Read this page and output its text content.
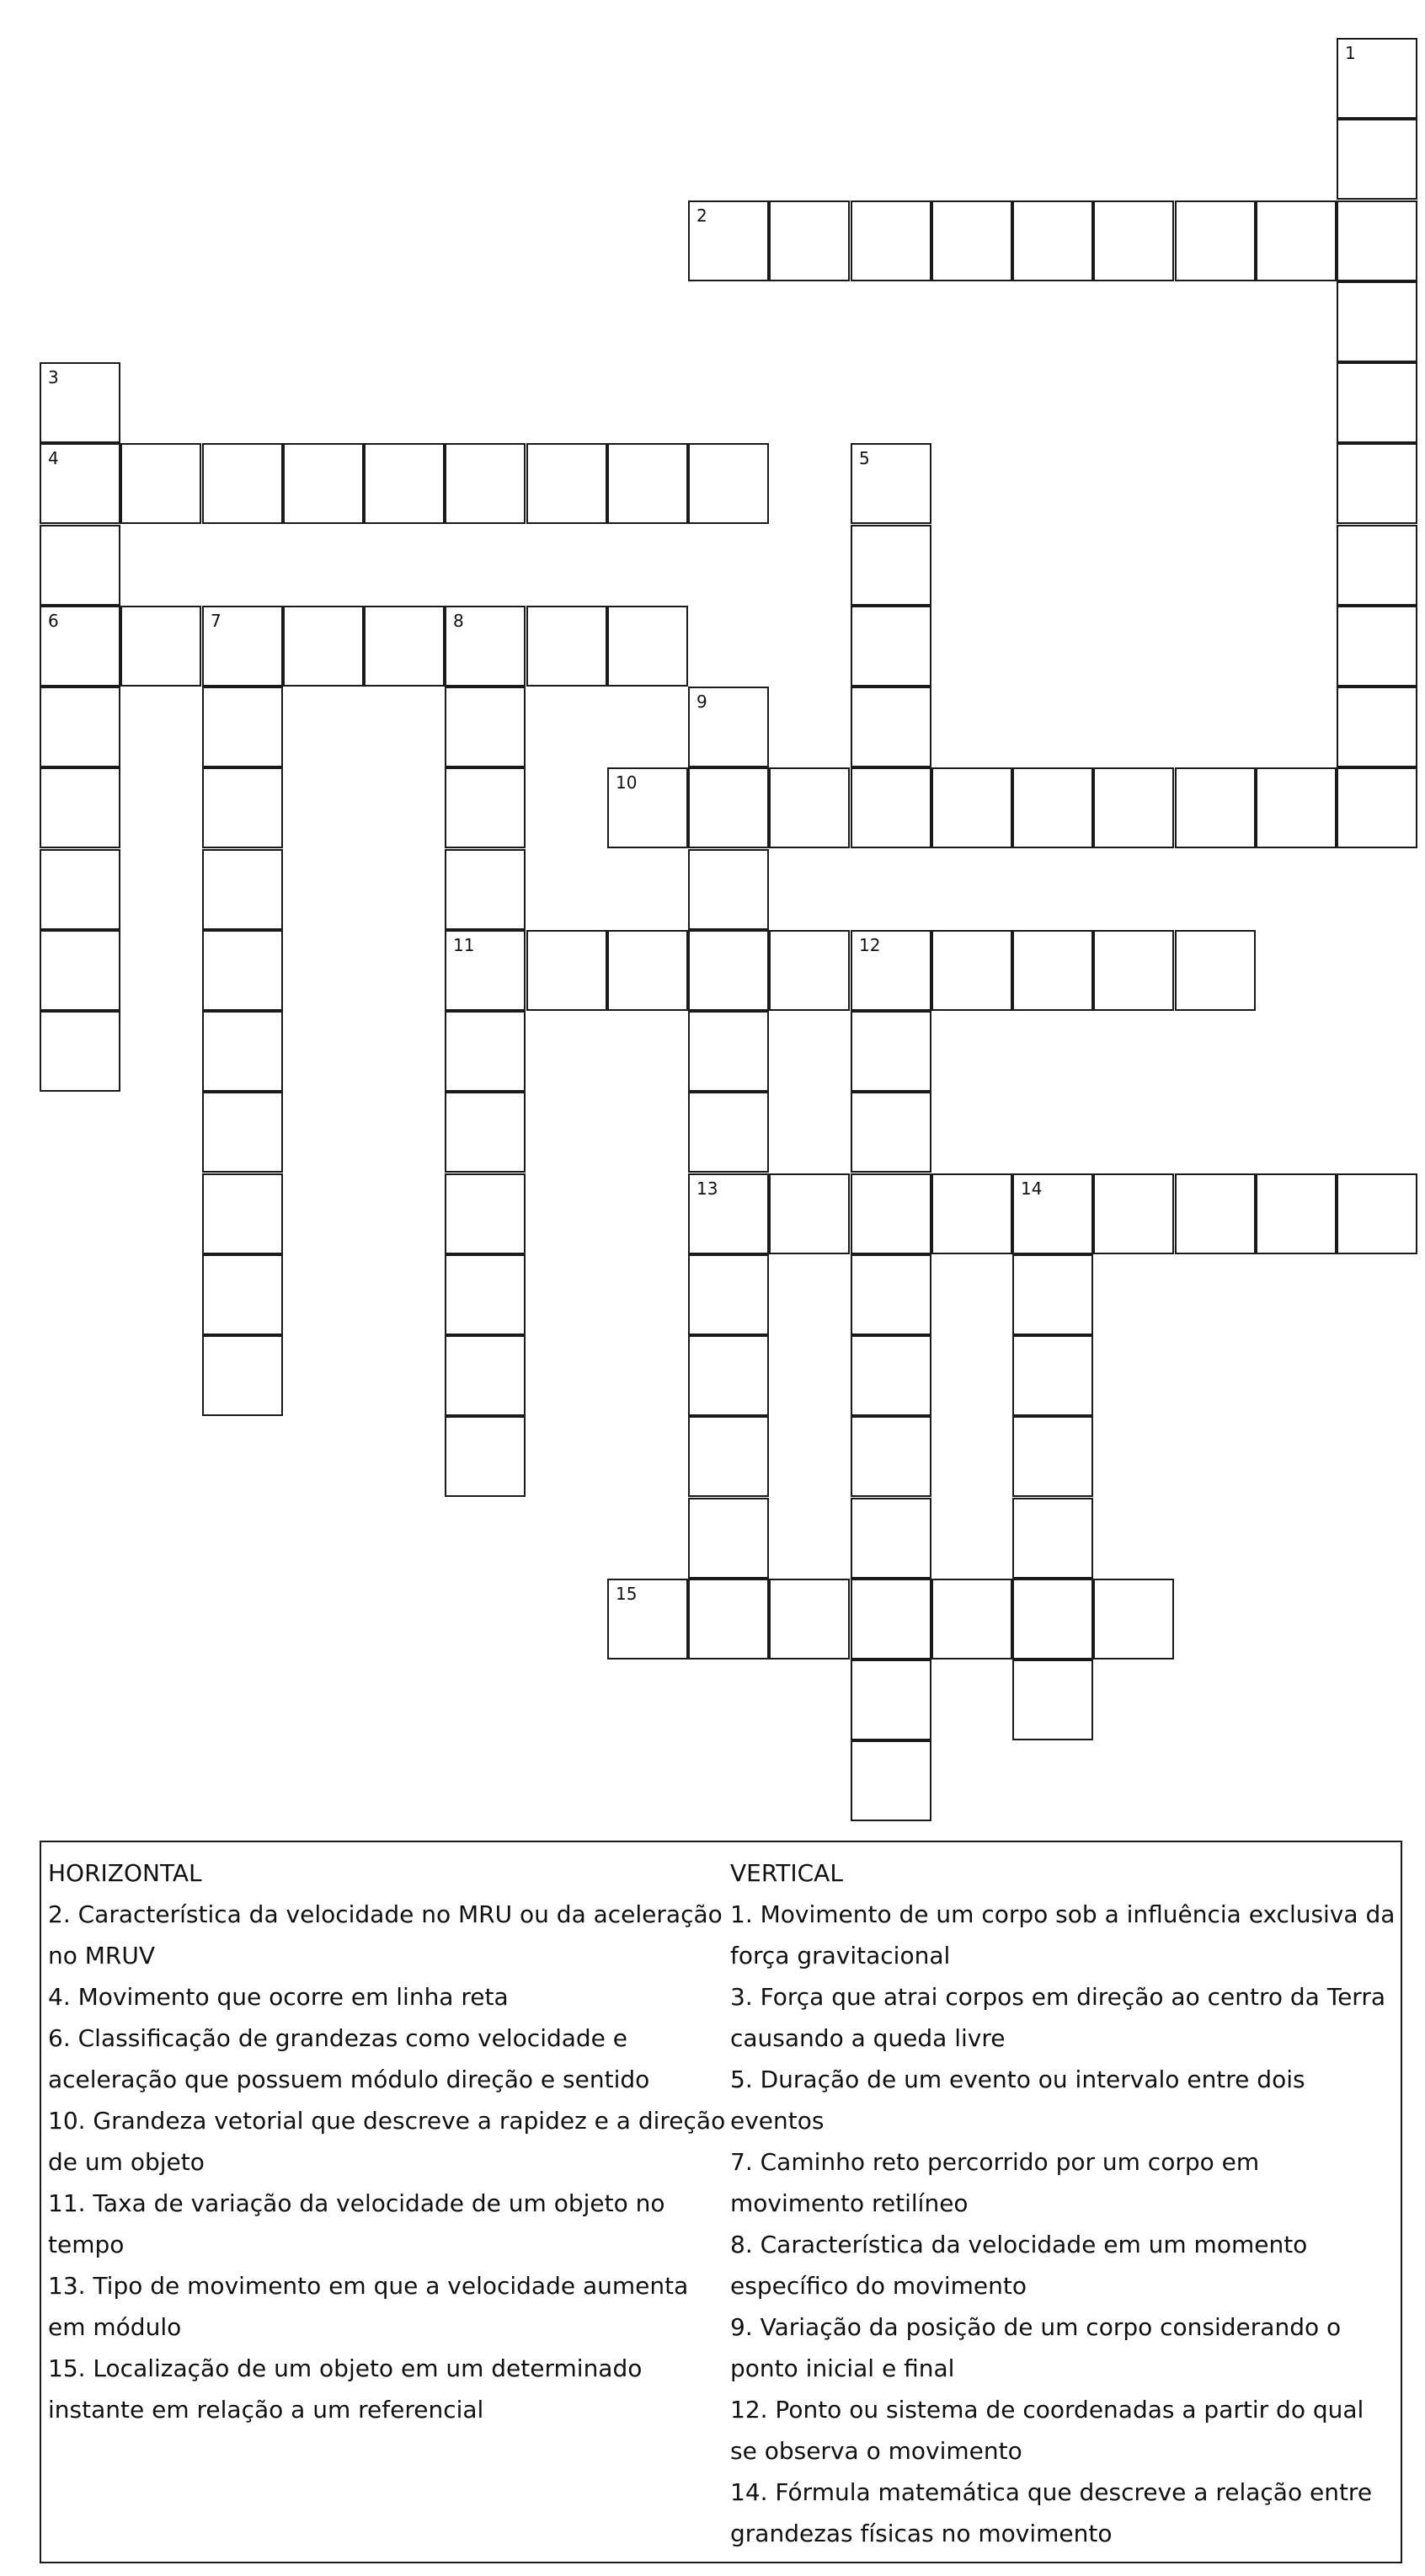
1
2
3
4
6
5
7	8
11
9
13
10
12
14
15
HORIZONTAL

2. Característica da velocidade no MRU ou da aceleração no MRUV

4. Movimento que ocorre em linha reta

6. Classificação de grandezas como velocidade e aceleração que possuem módulo direção e sentido

10. Grandeza vetorial que descreve a rapidez e a direção de um objeto

11. Taxa de variação da velocidade de um objeto no tempo

13. Tipo de movimento em que a velocidade aumenta em módulo

15. Localização de um objeto em um determinado instante em relação a um referencial

VERTICAL

1. Movimento de um corpo sob a influência exclusiva da força gravitacional

3. Força que atrai corpos em direção ao centro da Terra causando a queda livre

5. Duração de um evento ou intervalo entre dois eventos

7. Caminho reto percorrido por um corpo em movimento retilíneo

8. Característica da velocidade em um momento específico do movimento

9. Variação da posição de um corpo considerando o ponto inicial e final

12. Ponto ou sistema de coordenadas a partir do qual se observa o movimento

14. Fórmula matemática que descreve a relação entre grandezas físicas no movimento
